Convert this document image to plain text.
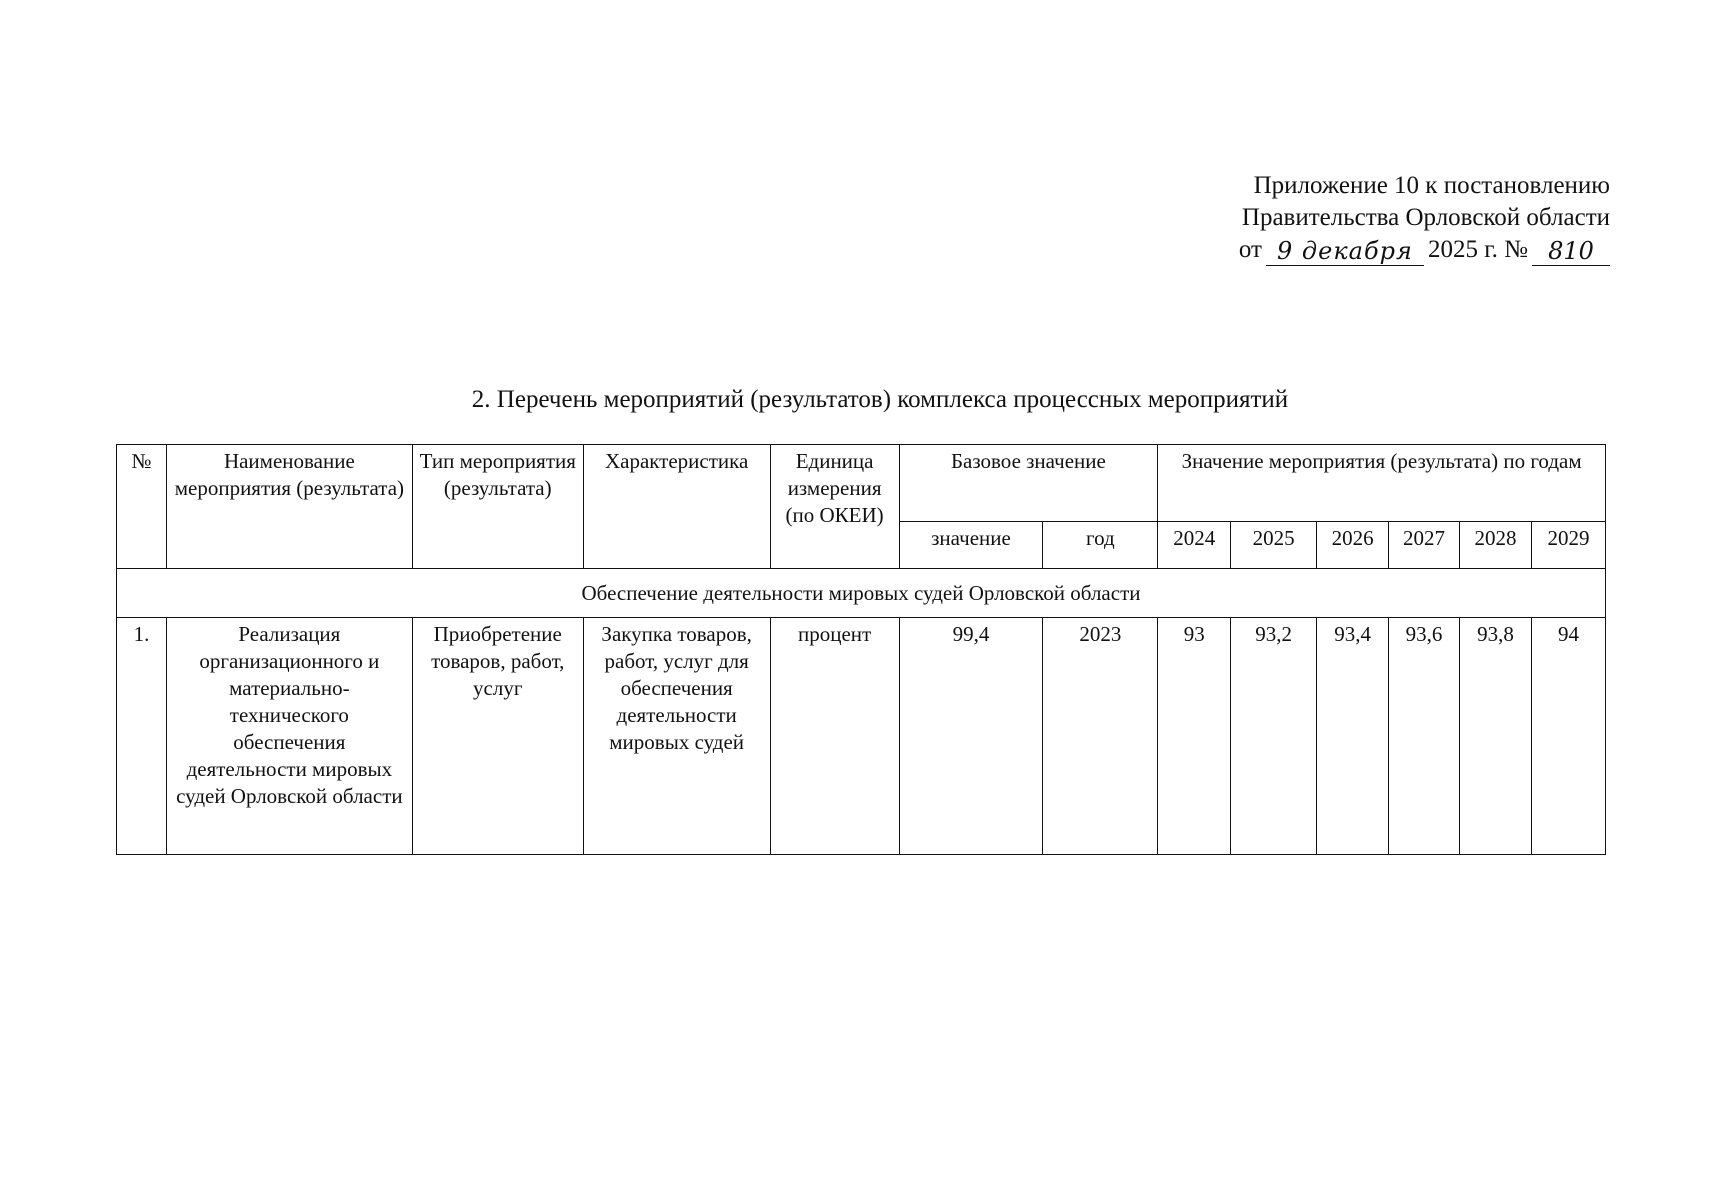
Приложение 10 к постановлению
Правительства Орловской области
от 9 декабря 2025 г. № 810
2. Перечень мероприятий (результатов) комплекса процессных мероприятий
№	Наименование мероприятия (результата)	Тип мероприятия (результата)	Характеристика	Единица измерения (по ОКЕИ)	Базовое значение		Значение мероприятия (результата) по годам					
					значение	год	2024	2025	2026	2027	2028	2029
Обеспечение деятельности мировых судей Орловской области												
1.	Реализация организационного и материально-технического обеспечения деятельности мировых судей Орловской области	Приобретение товаров, работ, услуг	Закупка товаров, работ, услуг для обеспечения деятельности мировых судей	процент	99,4	2023	93	93,2	93,4	93,6	93,8	94
